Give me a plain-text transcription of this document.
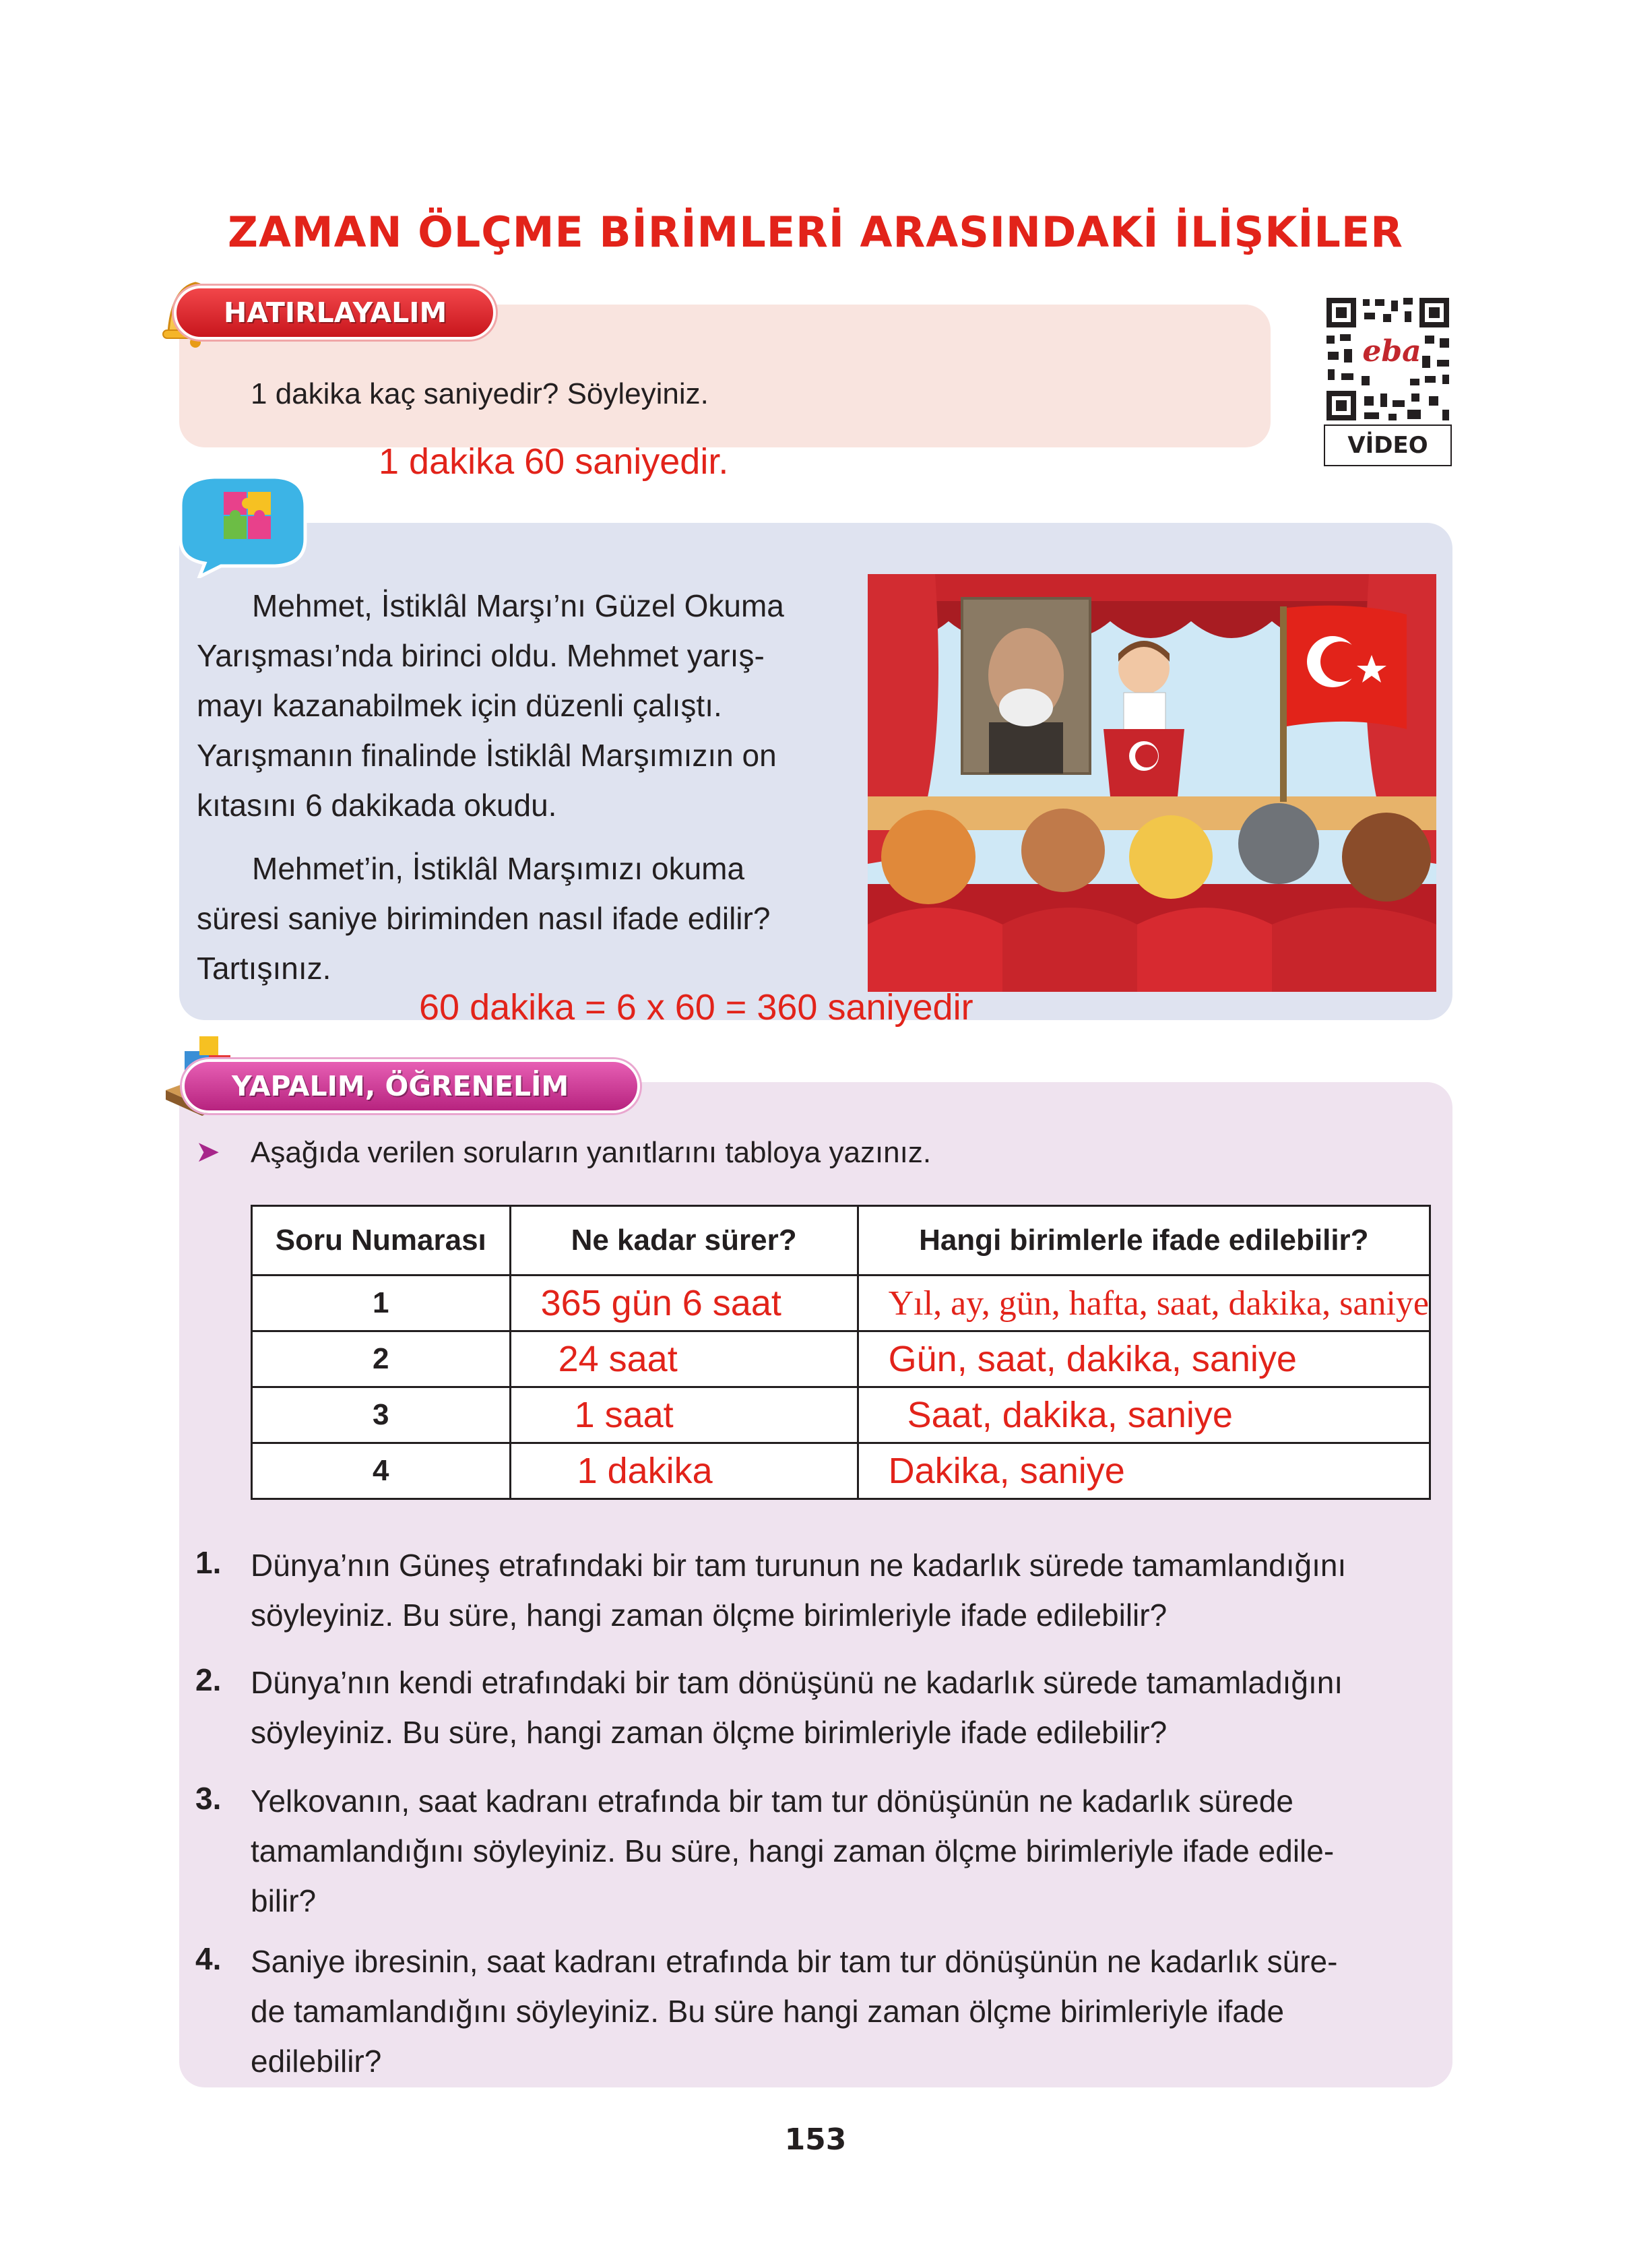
ZAMAN ÖLÇME BİRİMLERİ ARASINDAKİ İLİŞKİLER
HATIRLAYALIM
1 dakika kaç saniyedir? Söyleyiniz.
1 dakika 60 saniyedir.
eba
VİDEO
Mehmet, İstiklâl Marşı’nı Güzel Okuma
Yarışması’nda birinci oldu. Mehmet yarış-
mayı kazanabilmek için düzenli çalıştı.
Yarışmanın finalinde İstiklâl Marşımızın on
kıtasını 6 dakikada okudu.
Mehmet’in, İstiklâl Marşımızı okuma
süresi saniye biriminden nasıl ifade edilir?
Tartışınız.
60 dakika = 6 x 60 = 360 saniyedir
YAPALIM, ÖĞRENELİM
➤ Aşağıda verilen soruların yanıtlarını tabloya yazınız.
Soru Numarası	Ne kadar sürer?	Hangi birimlerle ifade edilebilir?
1	365 gün 6 saat	Yıl, ay, gün, hafta, saat, dakika, saniye
2	24 saat	Gün, saat, dakika, saniye
3	1 saat	Saat, dakika, saniye
4	1 dakika	Dakika, saniye
1. Dünya’nın Güneş etrafındaki bir tam turunun ne kadarlık sürede tamamlandığını
söyleyiniz. Bu süre, hangi zaman ölçme birimleriyle ifade edilebilir?
2. Dünya’nın kendi etrafındaki bir tam dönüşünü ne kadarlık sürede tamamladığını
söyleyiniz. Bu süre, hangi zaman ölçme birimleriyle ifade edilebilir?
3. Yelkovanın, saat kadranı etrafında bir tam tur dönüşünün ne kadarlık sürede
tamamlandığını söyleyiniz. Bu süre, hangi zaman ölçme birimleriyle ifade edile-
bilir?
4. Saniye ibresinin, saat kadranı etrafında bir tam tur dönüşünün ne kadarlık süre-
de tamamlandığını söyleyiniz. Bu süre hangi zaman ölçme birimleriyle ifade
edilebilir?
153
